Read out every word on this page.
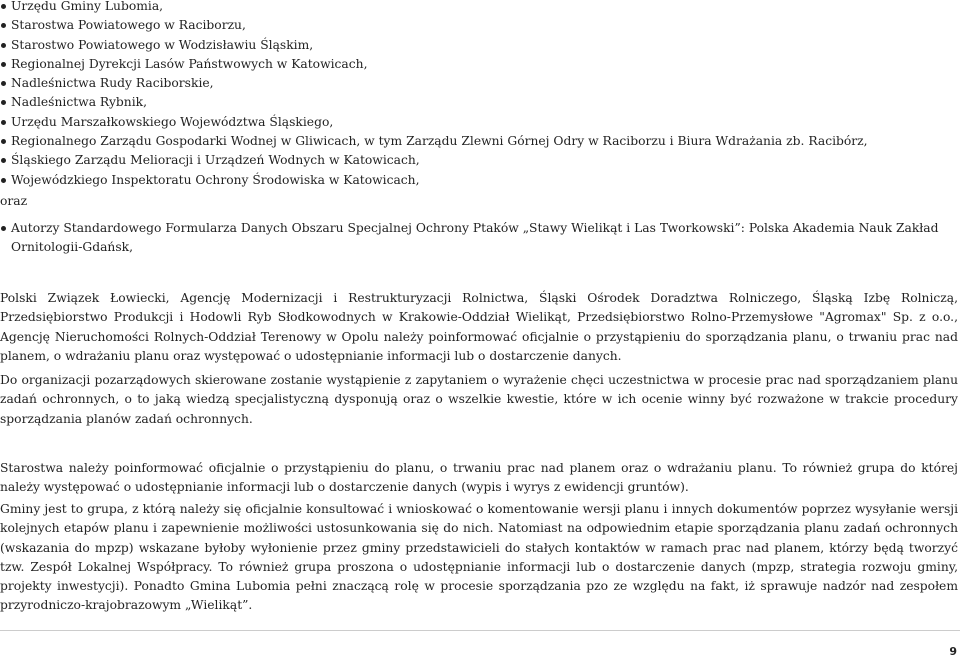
Urzędu Gminy Lubomia,
Starostwa Powiatowego w Raciborzu,
Starostwo Powiatowego w Wodzisławiu Śląskim,
Regionalnej Dyrekcji Lasów Państwowych w Katowicach,
Nadleśnictwa Rudy Raciborskie,
Nadleśnictwa Rybnik,
Urzędu Marszałkowskiego Województwa Śląskiego,
Regionalnego Zarządu Gospodarki Wodnej w Gliwicach, w tym Zarządu Zlewni Górnej Odry w Raciborzu i Biura Wdrażania zb. Racibórz,
Śląskiego Zarządu Melioracji i Urządzeń Wodnych w Katowicach,
Wojewódzkiego Inspektoratu Ochrony Środowiska w Katowicach,

oraz

Autorzy Standardowego Formularza Danych Obszaru Specjalnej Ochrony Ptaków „Stawy Wielikąt i Las Tworkowski”: Polska Akademia Nauk Zakład Ornitologii-Gdańsk,

Polski Związek Łowiecki, Agencję Modernizacji i Restrukturyzacji Rolnictwa, Śląski Ośrodek Doradztwa Rolniczego, Śląską Izbę Rolniczą, Przedsiębiorstwo Produkcji i Hodowli Ryb Słodkowodnych w Krakowie-Oddział Wielikąt, Przedsiębiorstwo Rolno-Przemysłowe "Agromax" Sp. z o.o., Agencję Nieruchomości Rolnych-Oddział Terenowy w Opolu należy poinformować oficjalnie o przystąpieniu do sporządzania planu, o trwaniu prac nad planem, o wdrażaniu planu oraz występować o udostępnianie informacji lub o dostarczenie danych.

Do organizacji pozarządowych skierowane zostanie wystąpienie z zapytaniem o wyrażenie chęci uczestnictwa w procesie prac nad sporządzaniem planu zadań ochronnych, o to jaką wiedzą specjalistyczną dysponują oraz o wszelkie kwestie, które w ich ocenie winny być rozważone w trakcie procedury sporządzania planów zadań ochronnych.

Starostwa należy poinformować oficjalnie o przystąpieniu do planu, o trwaniu prac nad planem oraz o wdrażaniu planu. To również grupa do której należy występować o udostępnianie informacji lub o dostarczenie danych (wypis i wyrys z ewidencji gruntów).

Gminy jest to grupa, z którą należy się oficjalnie konsultować i wnioskować o komentowanie wersji planu i innych dokumentów poprzez wysyłanie wersji kolejnych etapów planu i zapewnienie możliwości ustosunkowania się do nich. Natomiast na odpowiednim etapie sporządzania planu zadań ochronnych (wskazania do mpzp) wskazane byłoby wyłonienie przez gminy przedstawicieli do stałych kontaktów w ramach prac nad planem, którzy będą tworzyć tzw. Zespół Lokalnej Współpracy. To również grupa proszona o udostępnianie informacji lub o dostarczenie danych (mpzp, strategia rozwoju gminy, projekty inwestycji). Ponadto Gmina Lubomia pełni znaczącą rolę w procesie sporządzania pzo ze względu na fakt, iż sprawuje nadzór nad zespołem przyrodniczo-krajobrazowym „Wielikąt”.

9
